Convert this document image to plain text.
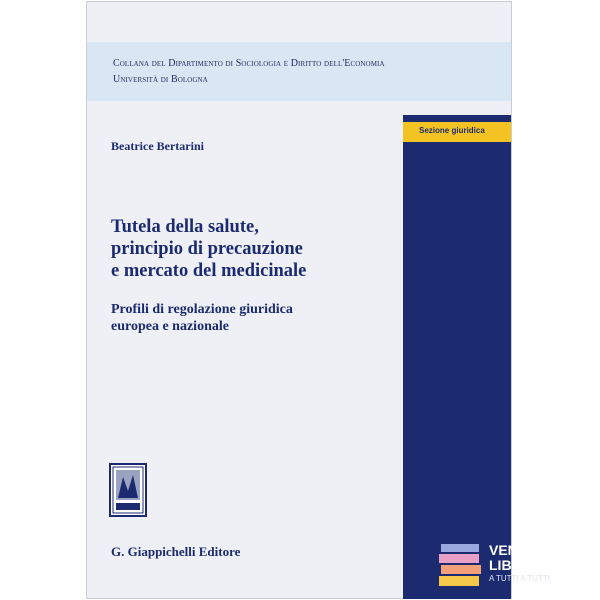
Collana del Dipartimento di Sociologia e Diritto dell'Economia
Università di Bologna
Sezione giuridica
Beatrice Bertarini
Tutela della salute,
principio di precauzione
e mercato del medicinale
Profili di regolazione giuridica
europea e nazionale
G. Giappichelli Editore	VENDIAMO
LIBRI
A TUTTI A TUTTI
